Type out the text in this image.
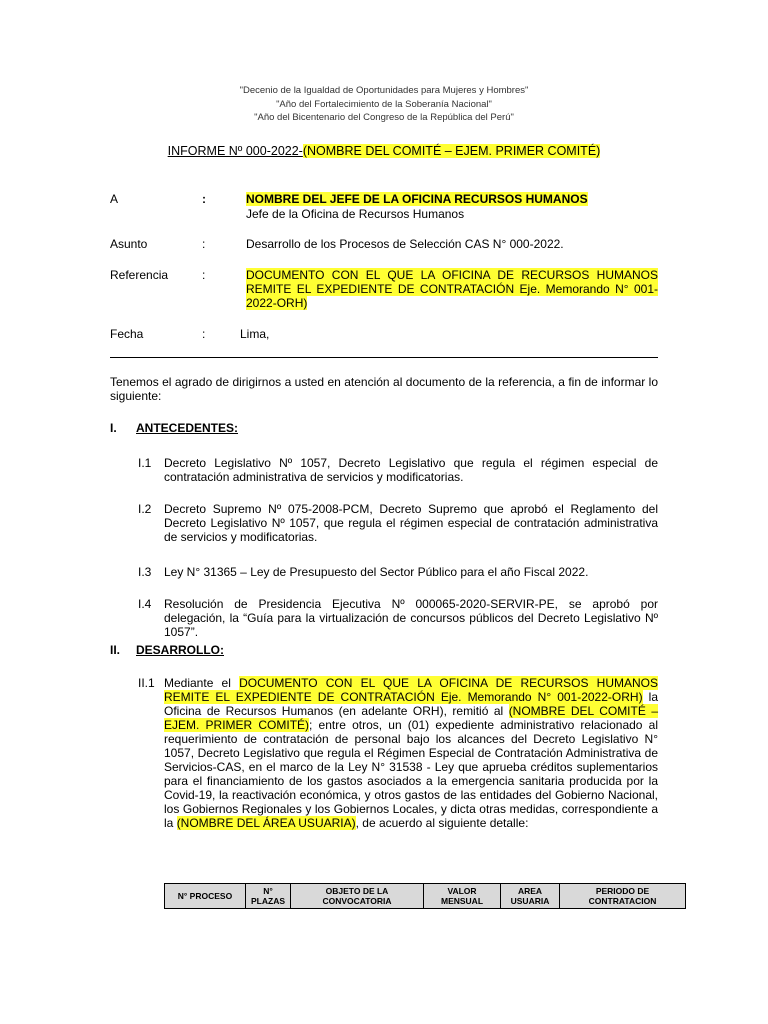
"Decenio de la Igualdad de Oportunidades para Mujeres y Hombres"
"Año del Fortalecimiento de la Soberanía Nacional"
"Año del Bicentenario del Congreso de la República del Perú"
INFORME Nº 000-2022-(NOMBRE DEL COMITÉ – EJEM. PRIMER COMITÉ)
A	:	NOMBRE DEL JEFE DE LA OFICINA RECURSOS HUMANOS
Jefe de la Oficina de Recursos Humanos
Asunto	:	Desarrollo de los Procesos de Selección CAS N° 000-2022.
Referencia	:	DOCUMENTO CON EL QUE LA OFICINA DE RECURSOS HUMANOS REMITE EL EXPEDIENTE DE CONTRATACIÓN Eje. Memorando N° 001-2022-ORH)
Fecha	:	Lima,
Tenemos el agrado de dirigirnos a usted en atención al documento de la referencia, a fin de informar lo siguiente:
I. ANTECEDENTES:
I.1 Decreto Legislativo Nº 1057, Decreto Legislativo que regula el régimen especial de contratación administrativa de servicios y modificatorias.
I.2 Decreto Supremo Nº 075-2008-PCM, Decreto Supremo que aprobó el Reglamento del Decreto Legislativo Nº 1057, que regula el régimen especial de contratación administrativa de servicios y modificatorias.
I.3 Ley N° 31365 – Ley de Presupuesto del Sector Público para el año Fiscal 2022.
I.4 Resolución de Presidencia Ejecutiva Nº 000065-2020-SERVIR-PE, se aprobó por delegación, la “Guía para la virtualización de concursos públicos del Decreto Legislativo Nº 1057”.
II. DESARROLLO:
II.1 Mediante el DOCUMENTO CON EL QUE LA OFICINA DE RECURSOS HUMANOS REMITE EL EXPEDIENTE DE CONTRATACIÓN Eje. Memorando N° 001-2022-ORH) la Oficina de Recursos Humanos (en adelante ORH), remitió al (NOMBRE DEL COMITÉ – EJEM. PRIMER COMITÉ); entre otros, un (01) expediente administrativo relacionado al requerimiento de contratación de personal bajo los alcances del Decreto Legislativo N° 1057, Decreto Legislativo que regula el Régimen Especial de Contratación Administrativa de Servicios-CAS, en el marco de la Ley N° 31538 - Ley que aprueba créditos suplementarios para el financiamiento de los gastos asociados a la emergencia sanitaria producida por la Covid-19, la reactivación económica, y otros gastos de las entidades del Gobierno Nacional, los Gobiernos Regionales y los Gobiernos Locales, y dicta otras medidas, correspondiente a la (NOMBRE DEL ÁREA USUARIA), de acuerdo al siguiente detalle:
N° PROCESO	N° PLAZAS	OBJETO DE LA CONVOCATORIA	VALOR MENSUAL	AREA USUARIA	PERIODO DE CONTRATACION
